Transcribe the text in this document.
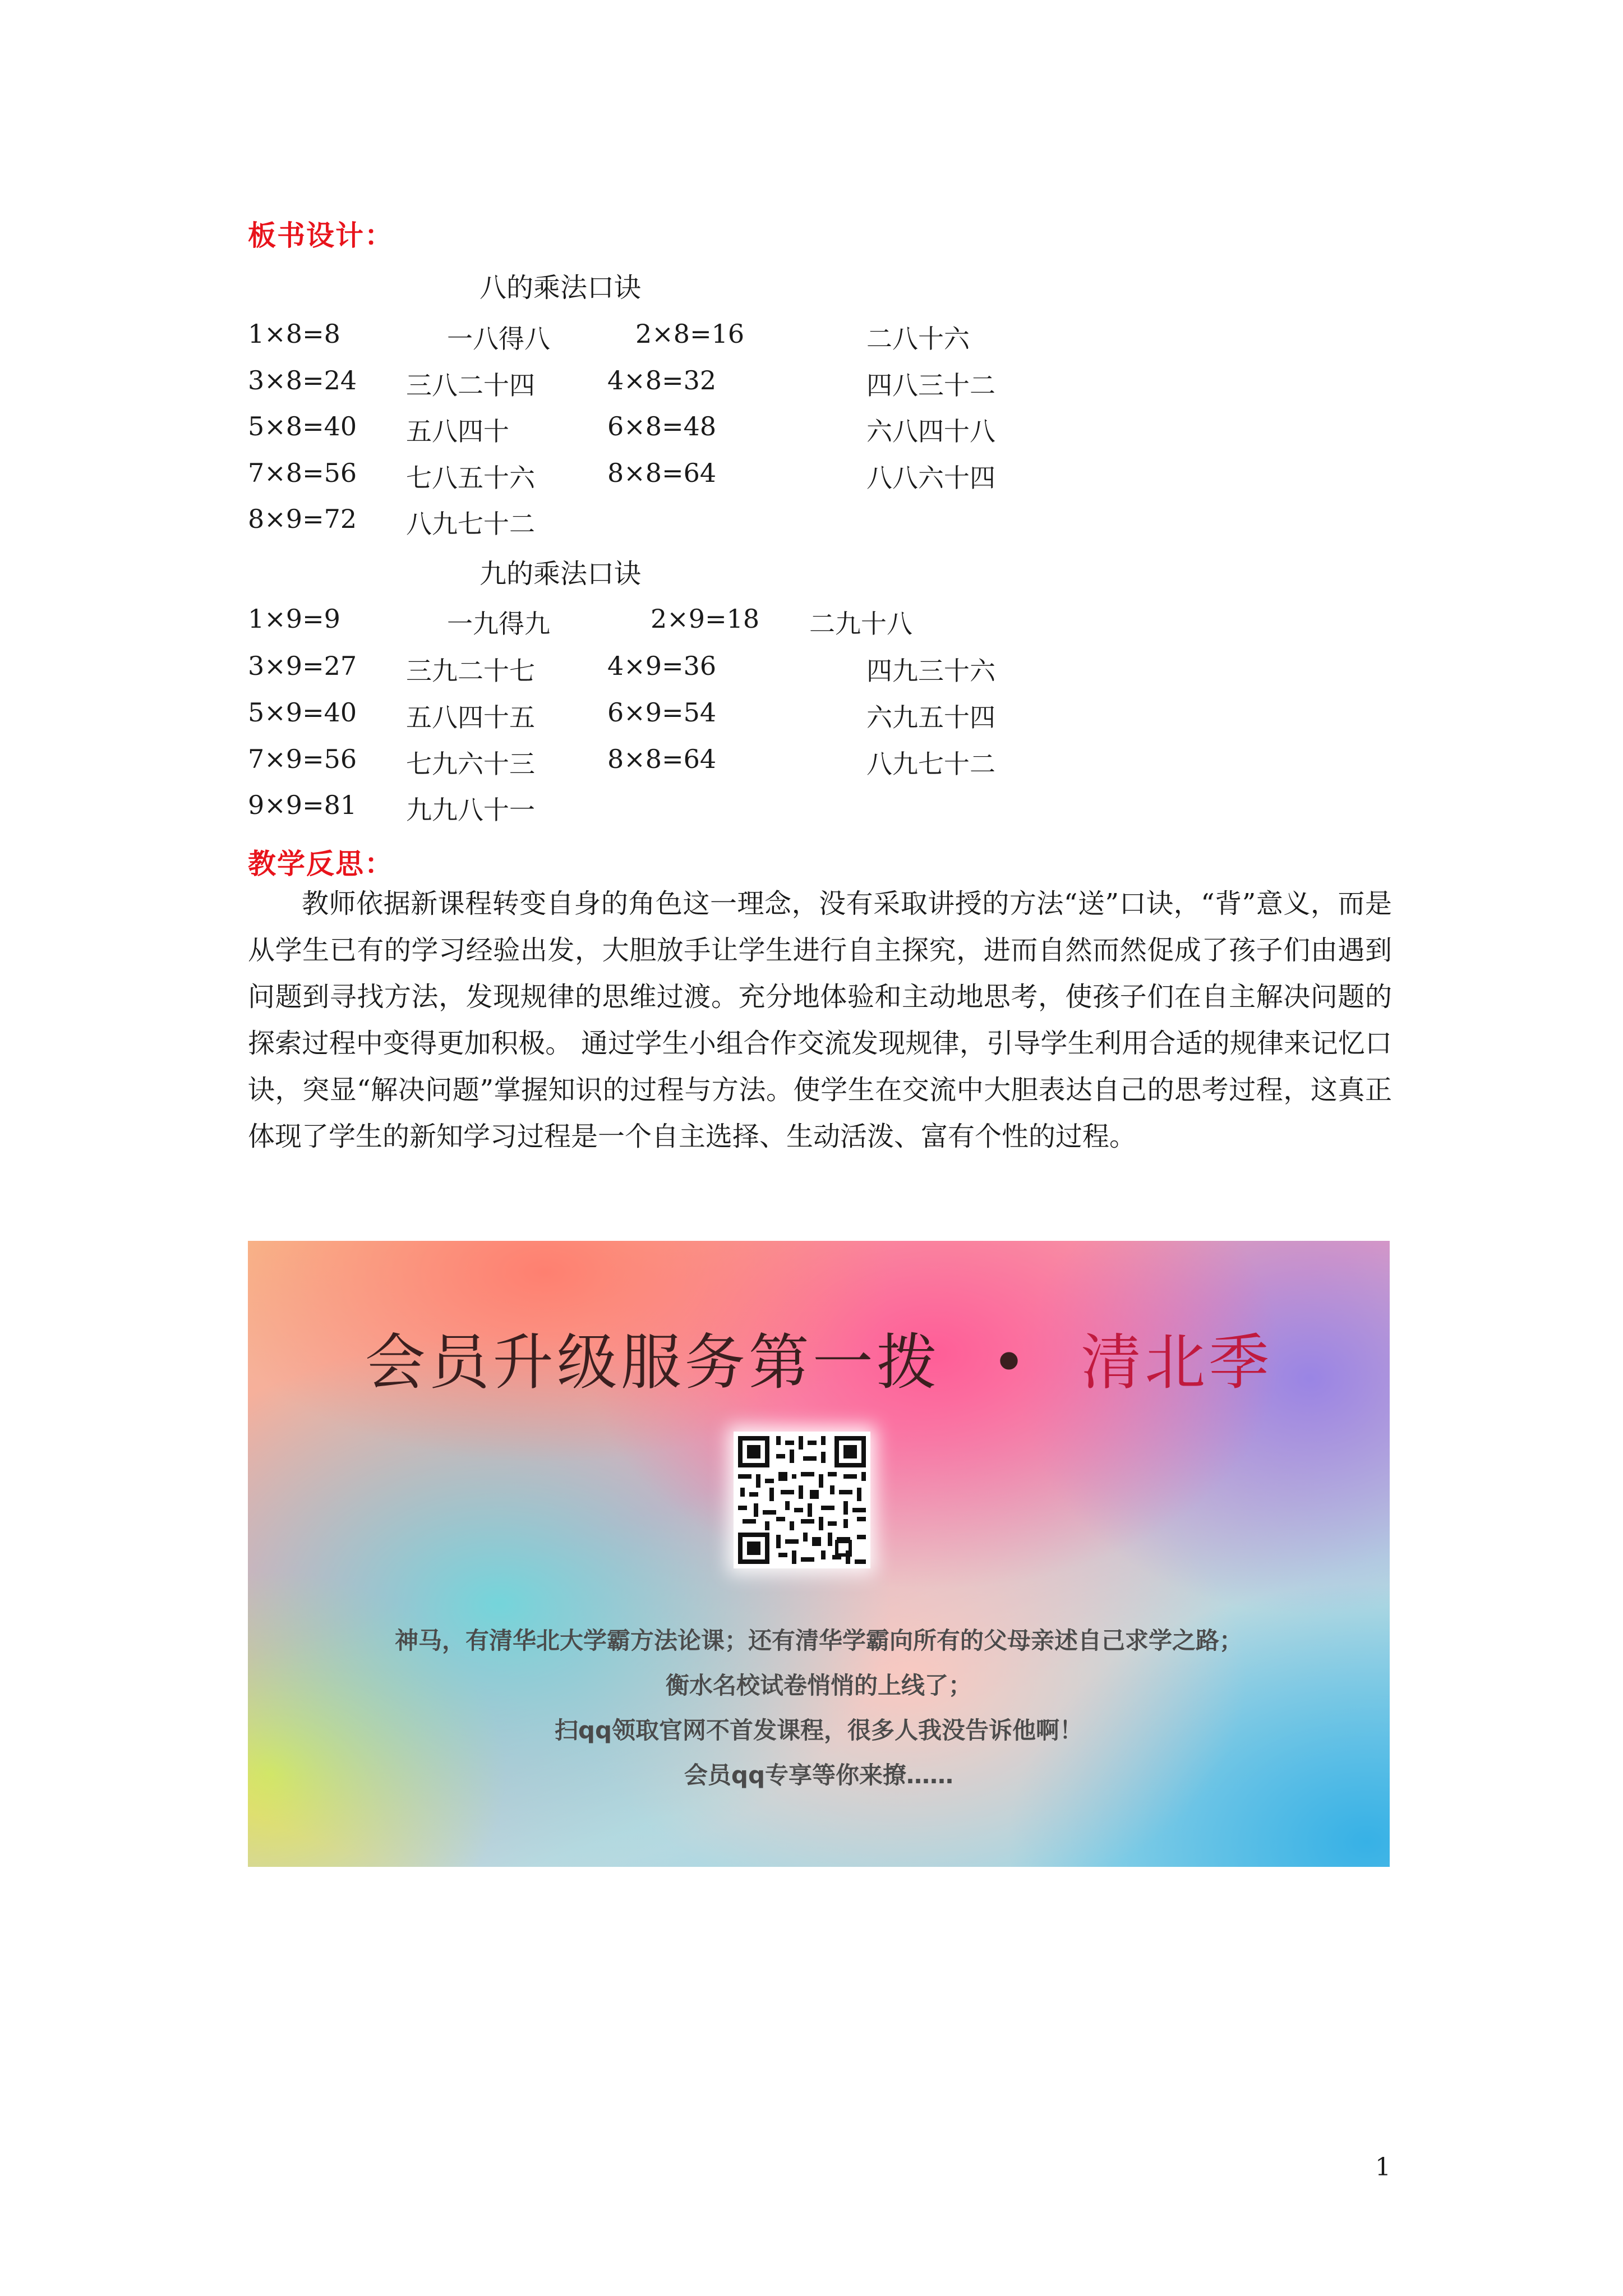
板书设计：
八的乘法口诀
1×8=8	一八得八	2×8=16	二八十六
3×8=24 三八二十四	4×8=32	四八三十二
5×8=40 五八四十	6×8=48	六八四十八
7×8=56 七八五十六	8×8=64	八八六十四
8×9=72 八九七十二
九的乘法口诀
1×9=9	一九得九	2×9=18 二九十八
3×9=27 三九二十七	4×9=36	四九三十六
5×9=40 五八四十五	6×9=54	六九五十四
7×9=56 七九六十三	8×8=64	八九七十二
9×9=81 九九八十一
教学反思：
教师依据新课程转变自身的角色这一理念，没有采取讲授的方法“送”口诀，“背”意义，而是从学生已有的学习经验出发，大胆放手让学生进行自主探究，进而自然而然促成了孩子们由遇到问题到寻找方法，发现规律的思维过渡。充分地体验和主动地思考，使孩子们在自主解决问题的探索过程中变得更加积极。 通过学生小组合作交流发现规律，引导学生利用合适的规律来记忆口诀，突显“解决问题”掌握知识的过程与方法。使学生在交流中大胆表达自己的思考过程，这真正体现了学生的新知学习过程是一个自主选择、生动活泼、富有个性的过程。
会员升级服务第一拨 • 清北季
神马，有清华北大学霸方法论课；还有清华学霸向所有的父母亲述自己求学之路；
衡水名校试卷悄悄的上线了；
扫qq领取官网不首发课程，很多人我没告诉他啊！
会员qq专享等你来撩……
1
